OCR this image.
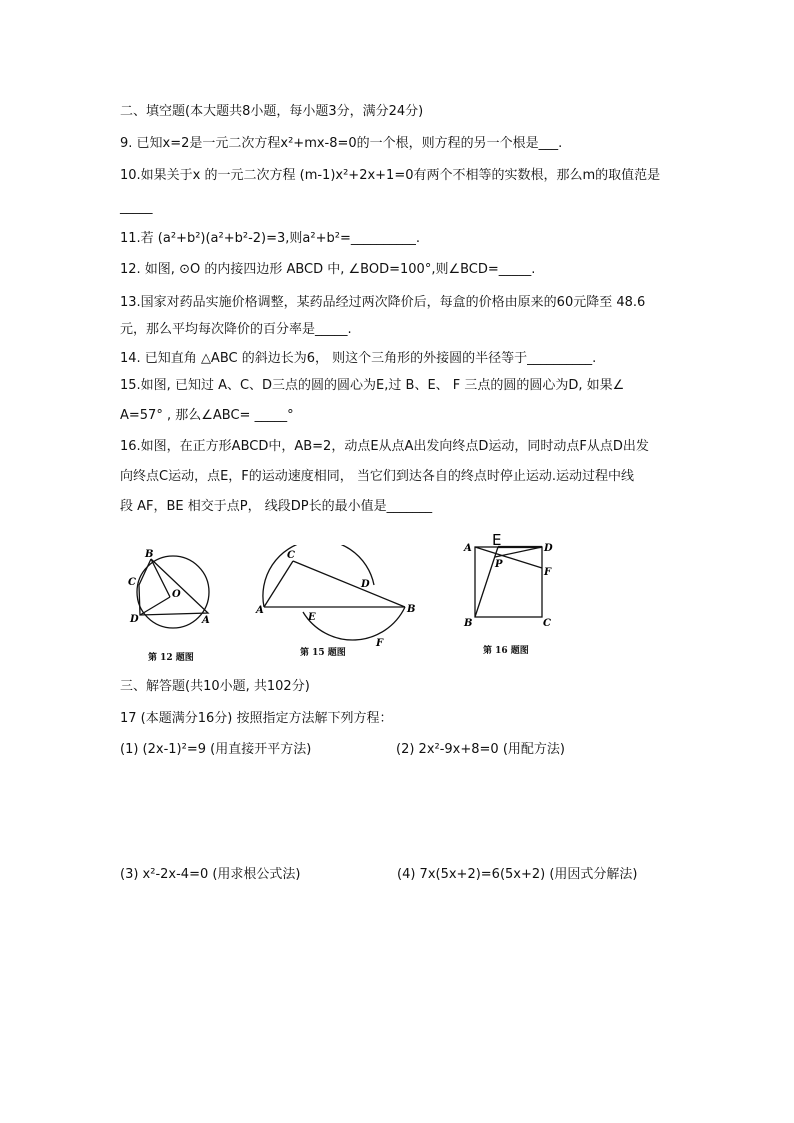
二、填空题(本大题共8小题，每小题3分，满分24分)
9. 已知x=2是一元二次方程x²+mx-8=0的一个根，则方程的另一个根是___.
10.如果关于x 的一元二次方程 (m-1)x²+2x+1=0有两个不相等的实数根，那么m的取值范是
_____
11.若 (a²+b²)(a²+b²-2)=3,则a²+b²=__________.
12. 如图, ⊙O 的内接四边形 ABCD 中, ∠BOD=100°,则∠BCD=_____.
13.国家对药品实施价格调整，某药品经过两次降价后，每盒的价格由原来的60元降至 48.6
元，那么平均每次降价的百分率是_____.
14. 已知直角 △ABC 的斜边长为6， 则这个三角形的外接圆的半径等于__________.
15.如图, 已知过 A、C、D三点的圆的圆心为E,过 B、E、 F 三点的圆的圆心为D, 如果∠
A=57° , 那么∠ABC= _____°
16.如图，在正方形ABCD中，AB=2，动点E从点A出发向终点D运动，同时动点F从点D出发
向终点C运动，点E，F的运动速度相同， 当它们到达各自的终点时停止运动.运动过程中线
段 AF，BE 相交于点P， 线段DP长的最小值是_______
B
C
O
D	A
第 12 题图
C
D
A
E
B
F
第 15 题图
A E	D
P
F
B	C
第 16 题图
三、解答题(共10小题, 共102分)
17 (本题满分16分) 按照指定方法解下列方程：
(1) (2x-1)²=9 (用直接开平方法)	(2) 2x²-9x+8=0 (用配方法)
(3) x²-2x-4=0 (用求根公式法)	(4) 7x(5x+2)=6(5x+2) (用因式分解法)
